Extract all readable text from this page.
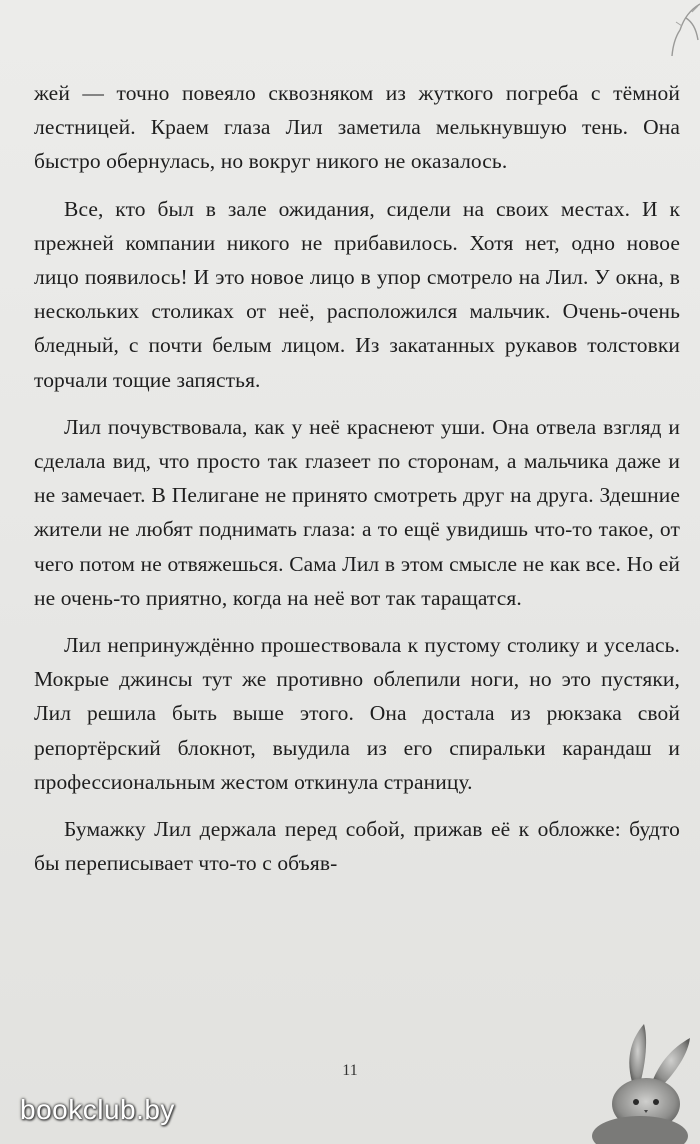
жей — точно повеяло сквозняком из жуткого погреба с тёмной лестницей. Краем глаза Лил заметила мелькнувшую тень. Она быстро обернулась, но вокруг никого не оказалось.

Все, кто был в зале ожидания, сидели на своих местах. И к прежней компании никого не прибавилось. Хотя нет, одно новое лицо появилось! И это новое лицо в упор смотрело на Лил. У окна, в нескольких столиках от неё, расположился мальчик. Очень-очень бледный, с почти белым лицом. Из закатанных рукавов толстовки торчали тощие запястья.

Лил почувствовала, как у неё краснеют уши. Она отвела взгляд и сделала вид, что просто так глазеет по сторонам, а мальчика даже и не замечает. В Пелигане не принято смотреть друг на друга. Здешние жители не любят поднимать глаза: а то ещё увидишь что-то такое, от чего потом не отвяжешься. Сама Лил в этом смысле не как все. Но ей не очень-то приятно, когда на неё вот так таращатся.

Лил непринуждённо прошествовала к пустому столику и уселась. Мокрые джинсы тут же противно облепили ноги, но это пустяки, Лил решила быть выше этого. Она достала из рюкзака свой репортёрский блокнот, выудила из его спиральки карандаш и профессиональным жестом откинула страницу.

Бумажку Лил держала перед собой, прижав её к обложке: будто бы переписывает что-то с объяв-

11
bookclub.by
